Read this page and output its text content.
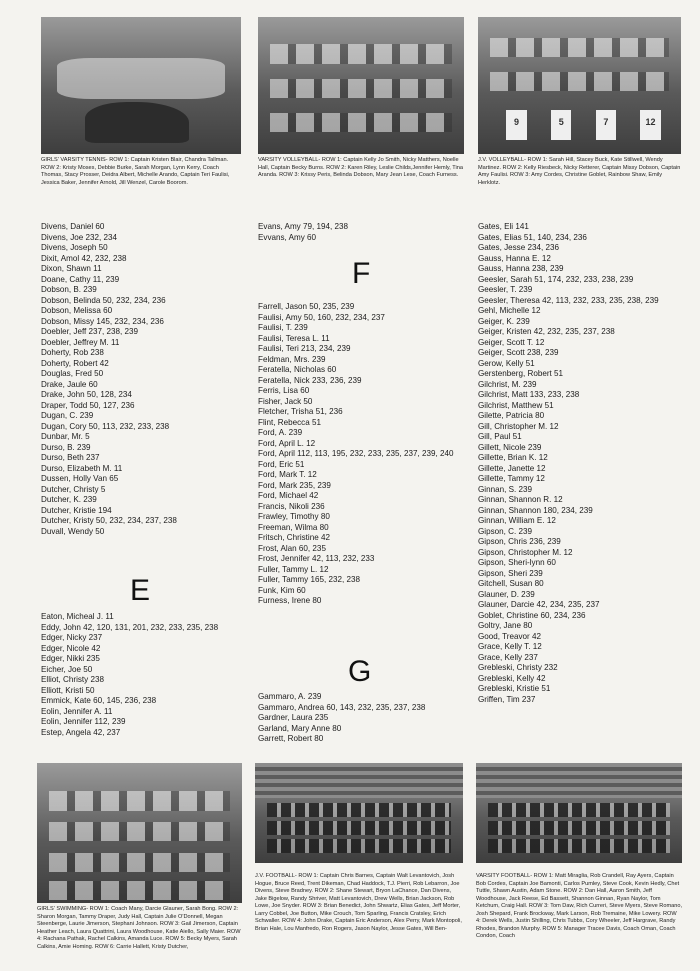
GIRLS' VARSITY TENNIS- ROW 1: Captain Kristen Blair, Chandra Tallman. ROW 2: Kristy Moses, Debbie Burke, Sarah Morgan, Lynn Kerry, Coach Thomas, Stacy Prosser, Deidra Albert, Michelle Arando, Captain Teri Faulisi, Jessica Baker, Jennifer Arnold, Jill Wenzel, Carole Boorom.
VARSITY VOLLEYBALL- ROW 1: Captain Kelly Jo Smith, Nicky Matthers, Noelle Hall, Captain Becky Burns. ROW 2: Karen Riley, Leslie Childs,Jennifer Hemly, Tina Aranda. ROW 3: Krissy Peris, Belinda Dobson, Mary Jean Lese, Coach Furness.
9	5	7	12
J.V. VOLLEYBALL- ROW 1: Sarah Hill, Stacey Buck, Kate Stillwell, Wendy Martinez. ROW 2: Kelly Riesbeck, Nicky Retterer, Captain Missy Dobson, Captain Amy Faulisi. ROW 3: Amy Cordes, Christine Goblet, Rainbow Shaw, Emily Herklotz.
Divens, Daniel 60
Divens, Joe 232, 234
Divens, Joseph 50
Dixit, Amol 42, 232, 238
Dixon, Shawn 11
Doane, Cathy 11, 239
Dobson, B. 239
Dobson, Belinda 50, 232, 234, 236
Dobson, Melissa 60
Dobson, Missy 145, 232, 234, 236
Doebler, Jeff 237, 238, 239
Doebler, Jeffrey M. 11
Doherty, Rob 238
Doherty, Robert 42
Douglas, Fred 50
Drake, Jaule 60
Drake, John 50, 128, 234
Draper, Todd 50, 127, 236
Dugan, C. 239
Dugan, Cory 50, 113, 232, 233, 238
Dunbar, Mr. 5
Durso, B. 239
Durso, Beth 237
Durso, Elizabeth M. 11
Dussen, Holly Van 65
Dutcher, Christy 5
Dutcher, K. 239
Dutcher, Kristie 194
Dutcher, Kristy 50, 232, 234, 237, 238
Duvall, Wendy 50
E
Eaton, Micheal J. 11
Eddy, John 42, 120, 131, 201, 232, 233, 235, 238
Edger, Nicky 237
Edger, Nicole 42
Edger, Nikki 235
Eicher, Joe 50
Elliot, Christy 238
Elliott, Kristi 50
Emmick, Kate 60, 145, 236, 238
Eolin, Jennifer A. 11
Eolin, Jennifer 112, 239
Estep, Angela 42, 237
Evans, Amy 79, 194, 238
Evvans, Amy 60
F
Farrell, Jason 50, 235, 239
Faulisi, Amy 50, 160, 232, 234, 237
Faulisi, T. 239
Faulisi, Teresa L. 11
Faulisi, Teri 213, 234, 239
Feldman, Mrs. 239
Feratella, Nicholas 60
Feratella, Nick 233, 236, 239
Ferris, Lisa 60
Fisher, Jack 50
Fletcher, Trisha 51, 236
Flint, Rebecca 51
Ford, A. 239
Ford, April L. 12
Ford, April 112, 113, 195, 232, 233, 235, 237, 239, 240
Ford, Eric 51
Ford, Mark T. 12
Ford, Mark 235, 239
Ford, Michael 42
Francis, Nikoli 236
Frawley, Timothy 80
Freeman, Wilma 80
Fritsch, Christine 42
Frost, Alan 60, 235
Frost, Jennifer 42, 113, 232, 233
Fuller, Tammy L. 12
Fuller, Tammy 165, 232, 238
Funk, Kim 60
Furness, Irene 80
G
Gammaro, A. 239
Gammaro, Andrea 60, 143, 232, 235, 237, 238
Gardner, Laura 235
Garland, Mary Anne 80
Garrett, Robert 80
Gates, Eli 141
Gates, Elias 51, 140, 234, 236
Gates, Jesse 234, 236
Gauss, Hanna E. 12
Gauss, Hanna 238, 239
Geesler, Sarah 51, 174, 232, 233, 238, 239
Geesler, T. 239
Geesler, Theresa 42, 113, 232, 233, 235, 238, 239
Gehl, Michelle 12
Geiger, K. 239
Geiger, Kristen 42, 232, 235, 237, 238
Geiger, Scott T. 12
Geiger, Scott 238, 239
Gerow, Kelly 51
Gerstenberg, Robert 51
Gilchrist, M. 239
Gilchrist, Matt 133, 233, 238
Gilchrist, Matthew 51
Gilette, Patricia 80
Gill, Christopher M. 12
Gill, Paul 51
Gillett, Nicole 239
Gillette, Brian K. 12
Gillette, Janette 12
Gillette, Tammy 12
Ginnan, S. 239
Ginnan, Shannon R. 12
Ginnan, Shannon 180, 234, 239
Ginnan, William E. 12
Gipson, C. 239
Gipson, Chris 236, 239
Gipson, Christopher M. 12
Gipson, Sheri-lynn 60
Gipson, Sheri 239
Gitchell, Susan 80
Glauner, D. 239
Glauner, Darcie 42, 234, 235, 237
Goblet, Christine 60, 234, 236
Goltry, Jane 80
Good, Treavor 42
Grace, Kelly T. 12
Grace, Kelly 237
Grebleski, Christy 232
Grebleski, Kelly 42
Grebleski, Kristie 51
Griffen, Tim 237
GIRLS' SWIMMING- ROW 1: Coach Many, Darcie Glauner, Sarah Bong. ROW 2: Sharon Morgan, Tammy Draper, Judy Hall, Captain Julie O'Donnell, Megan Steenberge, Laurie Jimerson, Stephani Johnson. ROW 3: Gail Jimerson, Captain Heather Leach, Laura Quattrini, Laura Woodhouse, Katie Aiello, Sally Maier. ROW 4: Rachana Pathak, Rachel Calkins, Amanda Luce. ROW 5: Becky Myers, Sarah Calkins, Amie Homing. ROW 6: Carrie Hallett, Kristy Dutcher,
J.V. FOOTBALL- ROW 1: Captain Chris Barnes, Captain Walt Levantovich, Josh Hogue, Bruce Reed, Trent Dikeman, Chad Haddock, T.J. Pierri, Rob Lebarron, Joe Divens, Steve Bradney. ROW 2: Shane Stewart, Bryon LaChance, Dan Divens, Jake Bigelow, Randy Shriver, Matt Levantovich, Drew Wells, Brian Jackson, Rob Lowe, Joe Snyder. ROW 3: Brian Benedict, John Shwartz, Elias Gates, Jeff Morter, Larry Cobbel, Joe Button, Mike Crouch, Tom Sparling, Francis Cratsley, Erich Schwaller. ROW 4: John Drake, Captain Eric Anderson, Alex Perry, Mark Montopoli, Brian Hale, Lou Manfredo, Ron Rogers, Jason Naylor, Jesse Gates, Will Ben-
VARSITY FOOTBALL- ROW 1: Matt Miraglia, Rob Crandell, Ray Ayers, Captain Bob Cordes, Captain Joe Bamonti, Carlos Pumley, Steve Cook, Kevin Hedly, Chet Tuttle, Shawn Austin, Adam Stone. ROW 2: Dan Hall, Aaron Smith, Jeff Woodhouse, Jack Reese, Ed Bassett, Shannon Ginnan, Ryan Naylor, Tom Ketchum, Craig Hall. ROW 3: Tom Daw, Rich Curreri, Steve Myers, Steve Romano, Josh Shepard, Frank Brockway, Mark Larson, Rob Tremaine, Mike Lowery. ROW 4: Derek Wells, Justin Shilling, Chris Tubbs, Cory Wheeler, Jeff Hargrave, Randy Rhodes, Brandon Murphy. ROW 5: Manager Tracee Davis, Coach Oman, Coach Condon, Coach
